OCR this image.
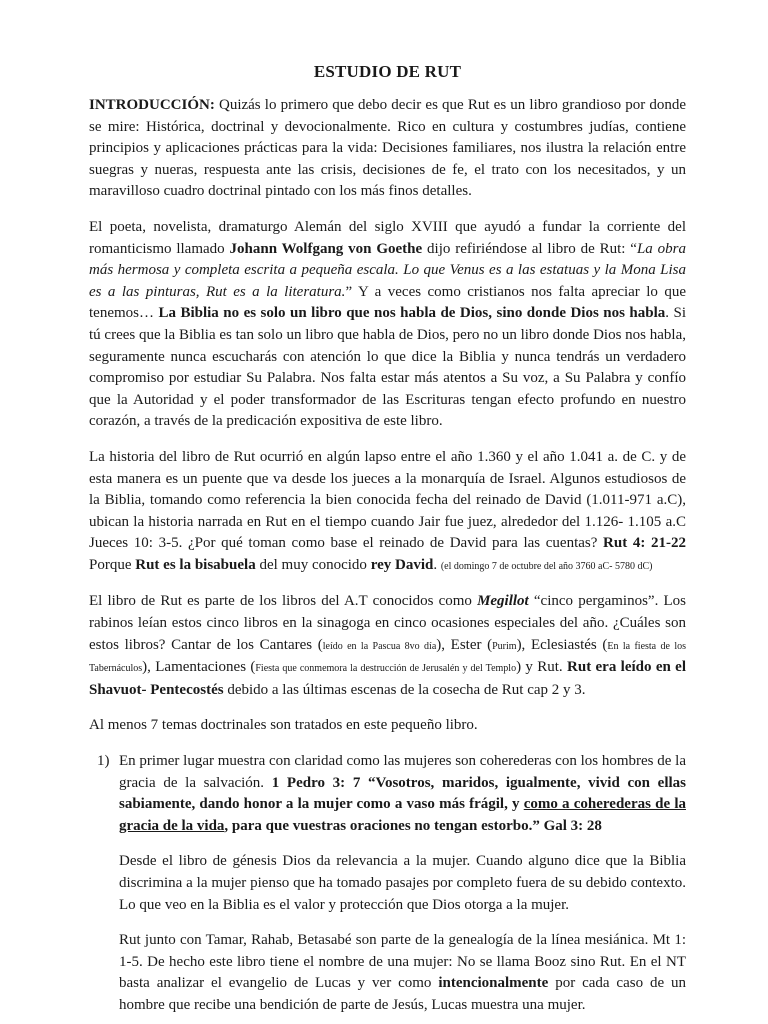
ESTUDIO DE RUT

INTRODUCCIÓN: Quizás lo primero que debo decir es que Rut es un libro grandioso por donde se mire: Histórica, doctrinal y devocionalmente. Rico en cultura y costumbres judías, contiene principios y aplicaciones prácticas para la vida: Decisiones familiares, nos ilustra la relación entre suegras y nueras, respuesta ante las crisis, decisiones de fe, el trato con los necesitados, y un maravilloso cuadro doctrinal pintado con los más finos detalles.

El poeta, novelista, dramaturgo Alemán del siglo XVIII que ayudó a fundar la corriente del romanticismo llamado Johann Wolfgang von Goethe dijo refiriéndose al libro de Rut: “La obra más hermosa y completa escrita a pequeña escala. Lo que Venus es a las estatuas y la Mona Lisa es a las pinturas, Rut es a la literatura.” Y a veces como cristianos nos falta apreciar lo que tenemos… La Biblia no es solo un libro que nos habla de Dios, sino donde Dios nos habla. Si tú crees que la Biblia es tan solo un libro que habla de Dios, pero no un libro donde Dios nos habla, seguramente nunca escucharás con atención lo que dice la Biblia y nunca tendrás un verdadero compromiso por estudiar Su Palabra. Nos falta estar más atentos a Su voz, a Su Palabra y confío que la Autoridad y el poder transformador de las Escrituras tengan efecto profundo en nuestro corazón, a través de la predicación expositiva de este libro.

La historia del libro de Rut ocurrió en algún lapso entre el año 1.360 y el año 1.041 a. de C. y de esta manera es un puente que va desde los jueces a la monarquía de Israel. Algunos estudiosos de la Biblia, tomando como referencia la bien conocida fecha del reinado de David (1.011-971 a.C), ubican la historia narrada en Rut en el tiempo cuando Jair fue juez, alrededor del 1.126- 1.105 a.C Jueces 10: 3-5. ¿Por qué toman como base el reinado de David para las cuentas? Rut 4: 21-22 Porque Rut es la bisabuela del muy conocido rey David. (el domingo 7 de octubre del año 3760 aC- 5780 dC)

El libro de Rut es parte de los libros del A.T conocidos como Megillot “cinco pergaminos”. Los rabinos leían estos cinco libros en la sinagoga en cinco ocasiones especiales del año. ¿Cuáles son estos libros? Cantar de los Cantares (leído en la Pascua 8vo día), Ester (Purim), Eclesiastés (En la fiesta de los Tabernáculos), Lamentaciones (Fiesta que conmemora la destrucción de Jerusalén y del Templo) y Rut. Rut era leído en el Shavuot- Pentecostés debido a las últimas escenas de la cosecha de Rut cap 2 y 3.

Al menos 7 temas doctrinales son tratados en este pequeño libro.

1) En primer lugar muestra con claridad como las mujeres son coherederas con los hombres de la gracia de la salvación. 1 Pedro 3: 7 “Vosotros, maridos, igualmente, vivid con ellas sabiamente, dando honor a la mujer como a vaso más frágil, y como a coherederas de la gracia de la vida, para que vuestras oraciones no tengan estorbo.” Gal 3: 28

Desde el libro de génesis Dios da relevancia a la mujer. Cuando alguno dice que la Biblia discrimina a la mujer pienso que ha tomado pasajes por completo fuera de su debido contexto. Lo que veo en la Biblia es el valor y protección que Dios otorga a la mujer.

Rut junto con Tamar, Rahab, Betasabé son parte de la genealogía de la línea mesiánica. Mt 1: 1-5. De hecho este libro tiene el nombre de una mujer: No se llama Booz sino Rut. En el NT basta analizar el evangelio de Lucas y ver como intencionalmente por cada caso de un hombre que recibe una bendición de parte de Jesús, Lucas muestra una mujer.
